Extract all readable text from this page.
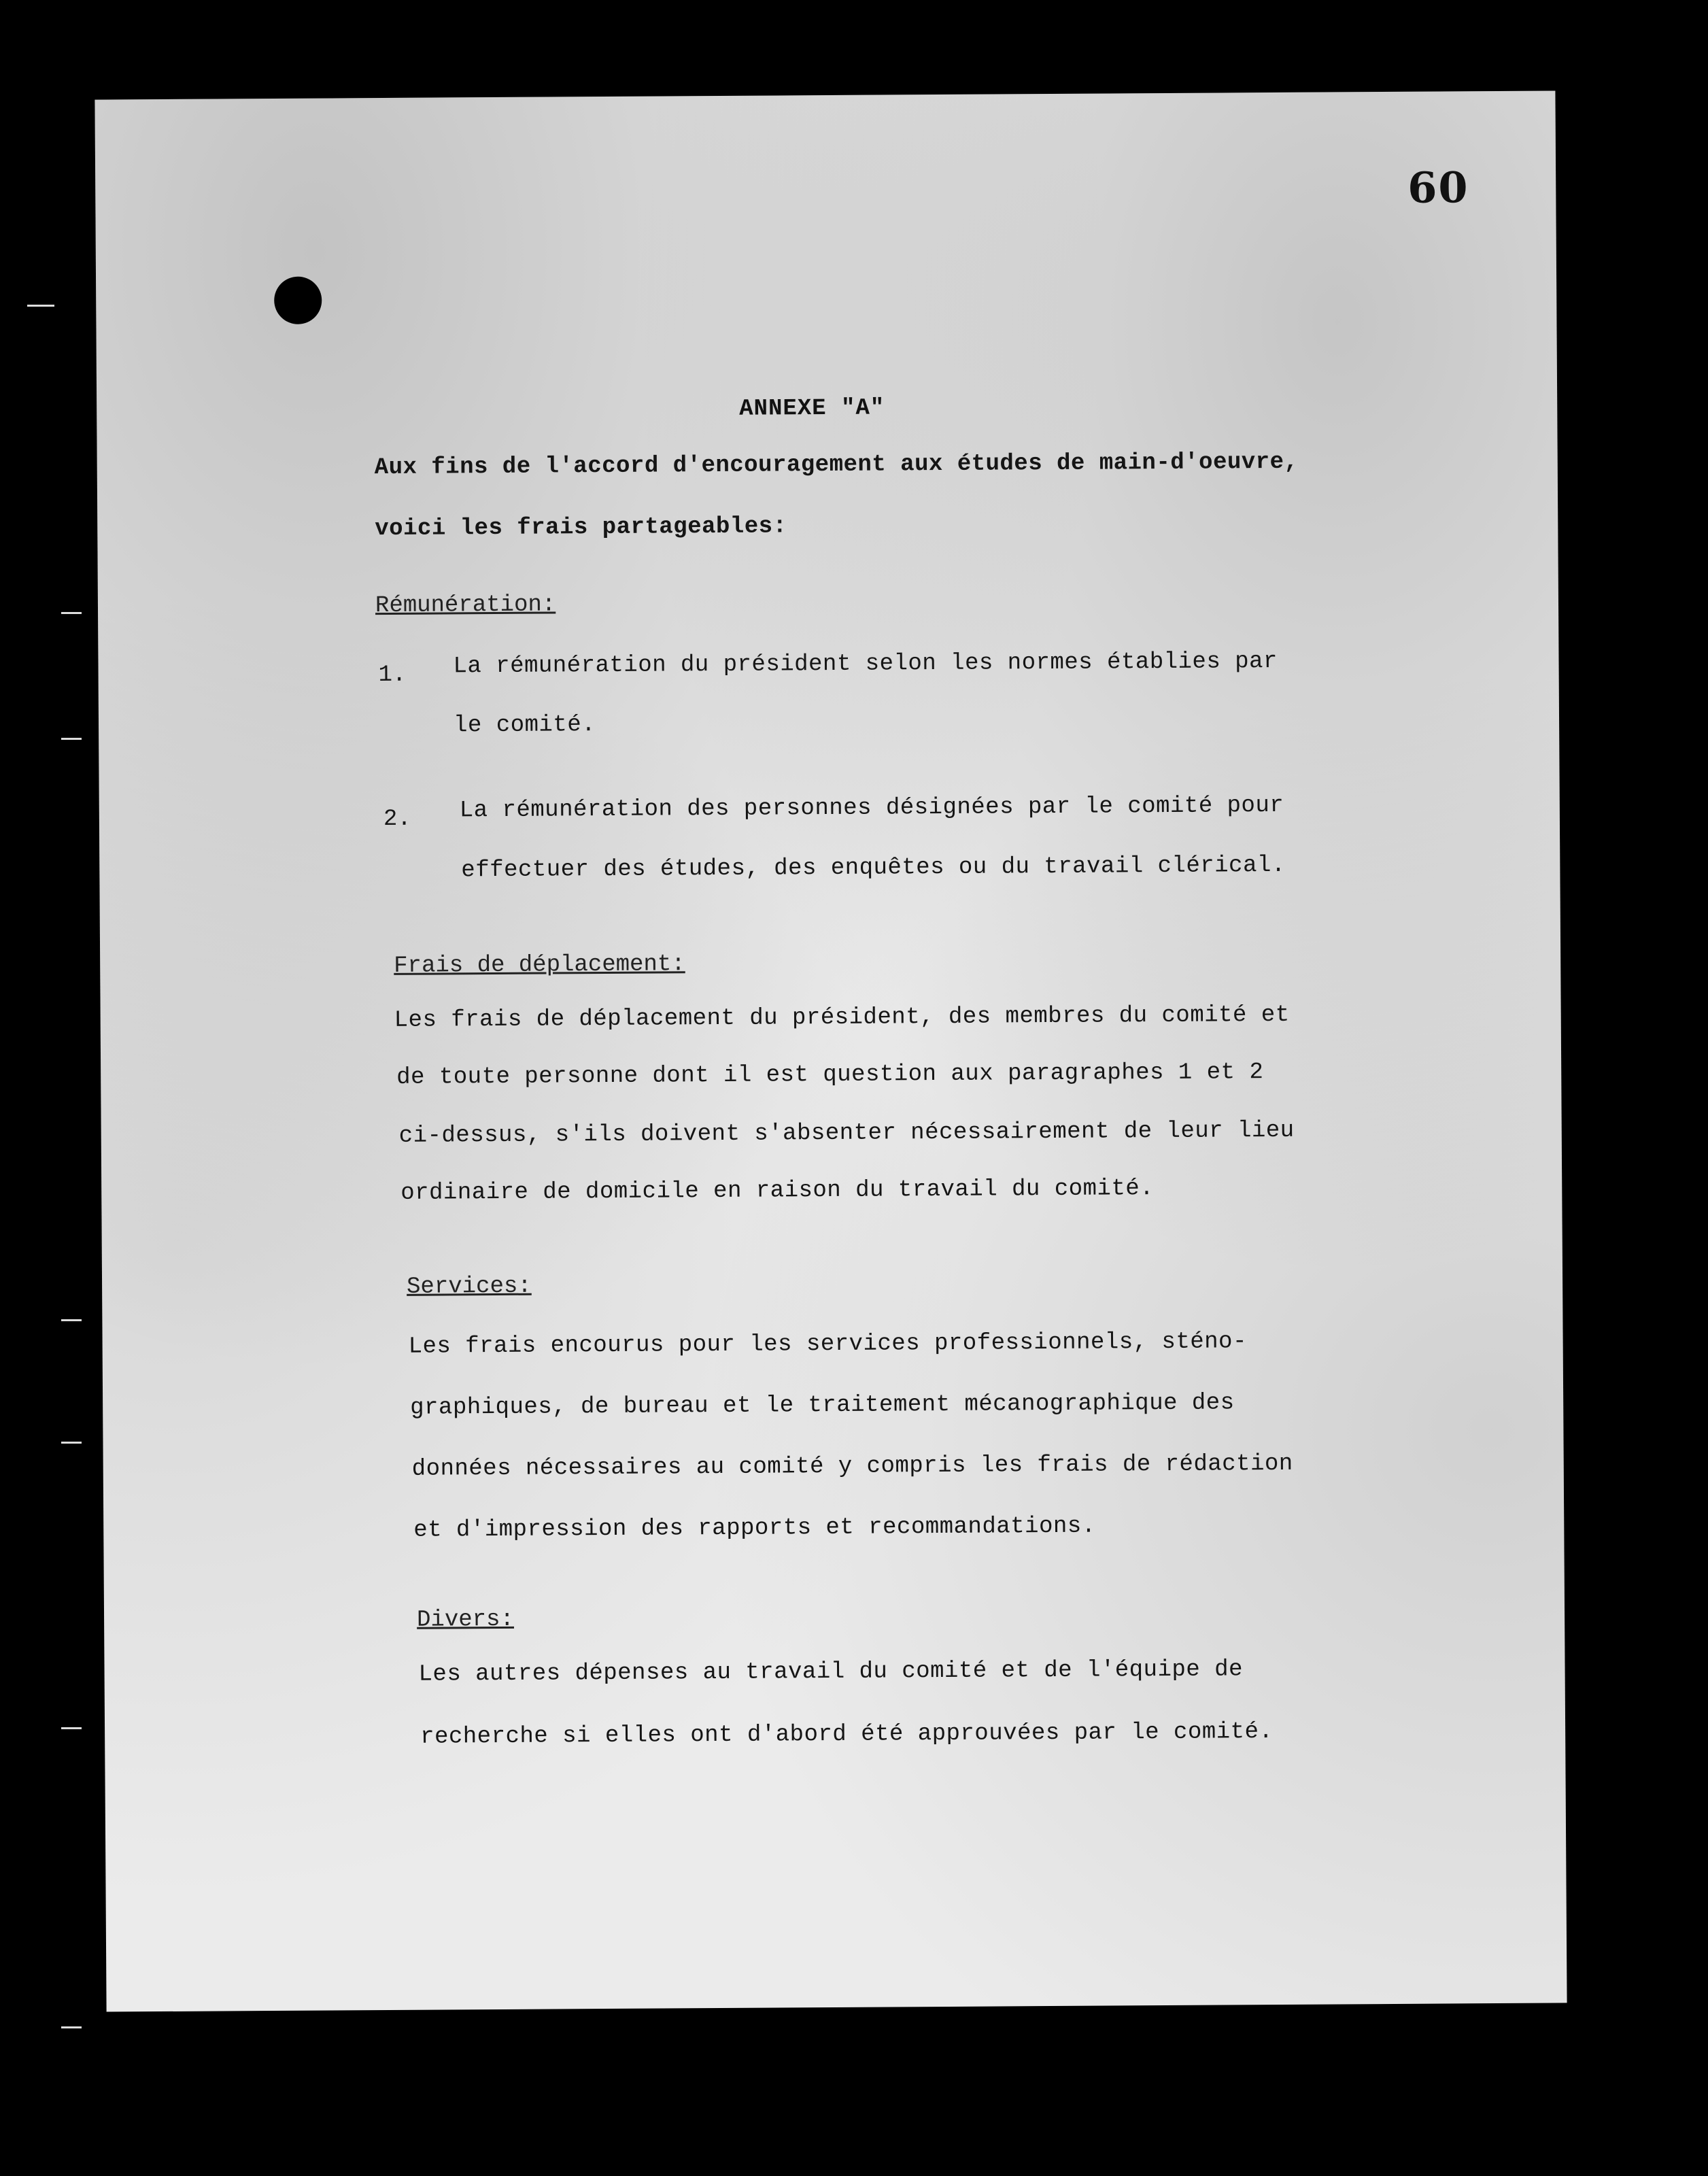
60
ANNEXE "A"
Aux fins de l'accord d'encouragement aux études de main-d'oeuvre,
voici les frais partageables:
Rémunération:
1. La rémunération du président selon les normes établies par
le comité.
2. La rémunération des personnes désignées par le comité pour
effectuer des études, des enquêtes ou du travail clérical.
Frais de déplacement:
Les frais de déplacement du président, des membres du comité et
de toute personne dont il est question aux paragraphes 1 et 2
ci-dessus, s'ils doivent s'absenter nécessairement de leur lieu
ordinaire de domicile en raison du travail du comité.
Services:
Les frais encourus pour les services professionnels, sténo-
graphiques, de bureau et le traitement mécanographique des
données nécessaires au comité y compris les frais de rédaction
et d'impression des rapports et recommandations.
Divers:
Les autres dépenses au travail du comité et de l'équipe de
recherche si elles ont d'abord été approuvées par le comité.
